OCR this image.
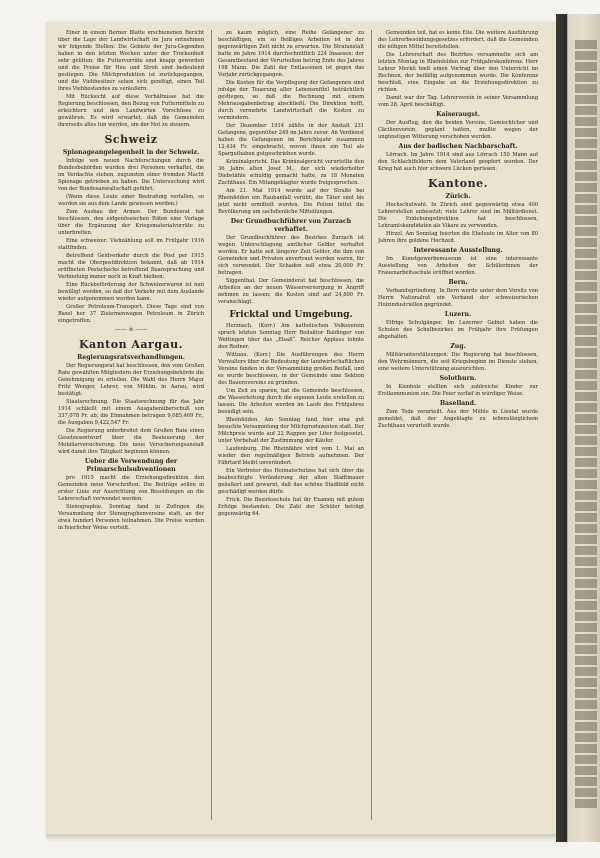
Einer in einem Berner Blatte erschienenen Bericht über die Lage der Landwirtschaft im Jura entnehmen wir folgende Stellen: Die Gebiete der Jura-Gegenden haben in den letzten Wochen unter der Trockenheit sehr gelitten; die Futtervorräte sind knapp geworden und die Preise für Heu und Stroh sind bedeutend gestiegen. Die Milchproduktion ist zurückgegangen, und die Viehbesitzer sehen sich genötigt, einen Teil ihres Viehbestandes zu veräußern.
Mit Rücksicht auf diese Verhältnisse hat die Regierung beschlossen, den Bezug von Futtermitteln zu erleichtern und den Landwirten Vorschüsse zu gewähren. Es wird erwartet, daß die Gemeinden ihrerseits alles tun werden, um der Not zu steuern.
Schweiz
Spionageangelegenheit in der Schweiz.
Infolge von neuen Nachforschungen durch die Bundesbehörden wurden drei Personen verhaftet, die im Verdachte stehen, zugunsten einer fremden Macht Spionage getrieben zu haben. Die Untersuchung wird von der Bundesanwaltschaft geführt.
(Wenn diese Leute einer Bestrafung verfallen, so werden sie aus dem Lande gewiesen werden.)
Zum Ausbau der Armee. Der Bundesrat hat beschlossen, den eidgenössischen Räten eine Vorlage über die Ergänzung der Kriegsmaterialvorräte zu unterbreiten.
Eine schweizer. Viehzählung soll im Frühjahr 1916 stattfinden.
Betreffend Geldverkehr durch die Post per 1915 macht die Oberpostdirektion bekannt, daß ab 1914 eröffneten Postschecks betreffend Beanspruchung und Verbindung immer noch in Kraft bleiben.
Eine Rückbeförderung der Schweizerwaren ist nun bewilligt worden, so daß der Verkehr mit dem Auslande wieder aufgenommen werden kann.
Großer Petroleum-Transport. Diese Tage sind von Basel her 37 Zisternenwagen Petroleum in Zürich eingetroffen.
—— ※ ——
Kanton Aargau.
Regierungsratsverhandlungen.
Der Regierungsrat hat beschlossen, den vom Großen Rate gewählten Mitgliedern der Erziehungsbehörde die Genehmigung zu erteilen. Die Wahl des Herrn Major Fritz Wenger, Lehrer, von Möhlin, in Aarau, wird bestätigt.
Staatsrechnung. Die Staatsrechnung für das Jahr 1914 schließt mit einem Ausgabenüberschuß von 337,078 Fr. ab; die Einnahmen betragen 9,085,469 Fr., die Ausgaben 9,422,547 Fr.
Die Regierung unterbreitet dem Großen Rate einen Gesetzesentwurf über die Besteuerung der Mobiliarversicherung. Die neue Versicherungsanstalt wird damit ihre Tätigkeit beginnen können.
Ueber die Verwendung der Primarschulsubventionen
pro 1915 macht die Erziehungsdirektion den Gemeinden neue Vorschriften. Die Beiträge sollen in erster Linie zur Ausrichtung von Besoldungen an die Lehrerschaft verwendet werden.
Stenographie. Sonntag fand in Zofingen die Versammlung der Stenographenvereine statt, an der etwa hundert Personen teilnahmen. Die Preise wurden in feierlicher Weise verteilt.
zu kaum möglich, eine Reihe Gefangener zu beschäftigen, ein so fleißiges Arbeiten ist in der gegenwärtigen Zeit nicht zu erwarten. Die Strafanstalt hatte im Jahre 1914 durchschnittlich 224 Insassen; der Gesamtbestand der Verurteilten betrug Ende des Jahres 198 Mann. Die Zahl der Entlassenen ist gegen das Vorjahr zurückgegangen.
Die Kosten für die Verpflegung der Gefangenen sind infolge der Teuerung aller Lebensmittel beträchtlich gestiegen, so daß die Rechnung mit einem Mehrausgabenbetrag abschließt. Die Direktion hofft, durch vermehrte Landwirtschaft die Kosten zu vermindern.
Der Dezember 1914 zählte in der Anstalt 231 Gefangene, gegenüber 249 im Jahre zuvor. An Verdienst haben die Gefangenen im Berichtsjahr zusammen 12,434 Fr. eingebracht, wovon ihnen ein Teil als Sparguthaben gutgeschrieben wurde.
Kriminalgericht. Das Kriminalgericht verurteilte den 36 Jahre alten Josef M., der sich wiederholter Diebstähle schuldig gemacht hatte, zu 18 Monaten Zuchthaus. Ein Mitangeklagter wurde freigesprochen.
Am 21. Mai 1914 wurde auf der Straße bei Rheinfelden ein Raubanfall verübt; die Täter sind bis jetzt nicht ermittelt worden. Die Polizei bittet die Bevölkerung um sachdienliche Mitteilungen.
Der Grundbuchführer von Zurzach verhaftet.
Der Grundbuchführer des Bezirkes Zurzach ist wegen Unterschlagung amtlicher Gelder verhaftet worden. Er hatte seit längerer Zeit Gelder, die ihm von Gemeinden und Privaten anvertraut worden waren, für sich verwendet. Der Schaden soll etwa 20,000 Fr. betragen.
Siggenthal. Der Gemeinderat hat beschlossen, die Arbeiten an der neuen Wasserversorgung in Angriff nehmen zu lassen; die Kosten sind auf 24,800 Fr. veranschlagt.
Fricktal und Umgebung.
Herznach. (Korr.) Am katholischen Volksverein sprach letzten Sonntag Herr Redaktor Baldinger von Wettingen über das „Elsaß“. Reicher Applaus lohnte den Redner.
Wittnau. (Korr.) Die Ausführungen des Herrn Verwalters über die Bedeutung der landwirtschaftlichen Vereine fanden in der Versammlung großen Beifall, und es wurde beschlossen, in der Gemeinde eine Sektion des Bauernvereins zu gründen.
Um Zeit zu sparen, hat die Gemeinde beschlossen, die Wasserleitung durch die eigenen Leute erstellen zu lassen. Die Arbeiten werden im Laufe des Frühjahres beendigt sein.
Rheinfelden. Am Sonntag fand hier eine gut besuchte Versammlung der Milchproduzenten statt. Der Milchpreis wurde auf 22 Rappen per Liter festgesetzt, unter Vorbehalt der Zustimmung der Käufer.
Laufenburg. Die Rheinfähre wird vom 1. Mai an wieder den regelmäßigen Betrieb aufnehmen. Der Fährtarif bleibt unverändert.
Ein Vertreter des Heimatschutzes hat sich über die beabsichtigte Veränderung der alten Stadtmauer geäußert und gewarnt, daß das schöne Stadtbild nicht geschädigt werden dürfe.
Frick. Die Bezirksschule hat ihr Examen mit gutem Erfolge bestanden. Die Zahl der Schüler beträgt gegenwärtig 64.
Gemeinden teil, hat es keine Eile. Die weitere Ausführung des Lehrerbesoldungsgesetzes erfordert, daß die Gemeinden die nötigen Mittel bereitstellen.
Die Lehrerschaft des Bezirkes versammelte sich am letzten Montag in Rheinfelden zur Frühjahrskonferenz. Herr Lehrer Merkli hielt einen Vortrag über den Unterricht im Rechnen, der beifällig aufgenommen wurde. Die Konferenz beschloß, eine Eingabe an die Erziehungsdirektion zu richten.
Damit war der Tag. Lehrerverein in seiner Versammlung vom 28. April beschäftigt.
Kaiseraugst.
Der Ausflug, den die beiden Vereine, Gemischtchor und Cäcilienverein, geplant hatten, mußte wegen der ungünstigen Witterung verschoben werden.
Aus der badischen Nachbarschaft.
Lörrach. Im Jahre 1914 sind aus Lörrach 150 Mann auf den Schlachtfeldern dem Vaterland geopfert worden. Der Krieg hat auch hier schwere Lücken gerissen.
Kantone.
Zürich.
Hochschulwahl. In Zürich sind gegenwärtig etwa 400 Lehrerstellen unbesetzt; viele Lehrer sind im Militärdienst. Die Erziehungsdirektion hat beschlossen, Lehramtskandidaten als Vikare zu verwenden.
Hirzel. Am Sonntag feierten die Eheleute im Alter von 80 Jahren ihre goldene Hochzeit.
Interessante Ausstellung.
Im Kunstgewerbemuseum ist eine interessante Ausstellung von Arbeiten der Schülerinnen der Frauenarbeitsschule eröffnet worden.
Bern.
Verbandsgründung. In Bern wurde unter dem Vorsitz von Herrn Nationalrat ein Verband der schweizerischen Holzindustriellen gegründet.
Luzern.
Eifrige Schulgänger. Im Luzerner Gebiet haben die Schulen des Schulbezirkes im Frühjahr ihre Prüfungen abgehalten.
Zug.
Militärunterstützungen. Die Regierung hat beschlossen, den Wehrmännern, die seit Kriegsbeginn im Dienste stehen, eine weitere Unterstützung auszurichten.
Solothurn.
In Kienholz stellten sich zahlreiche Kinder zur Erstkommunion ein. Die Feier verlief in würdiger Weise.
Baselland.
Zum Tode verurteilt. Aus der Mühle in Liestal wurde gemeldet, daß der Angeklagte zu lebenslänglichem Zuchthaus verurteilt wurde.
